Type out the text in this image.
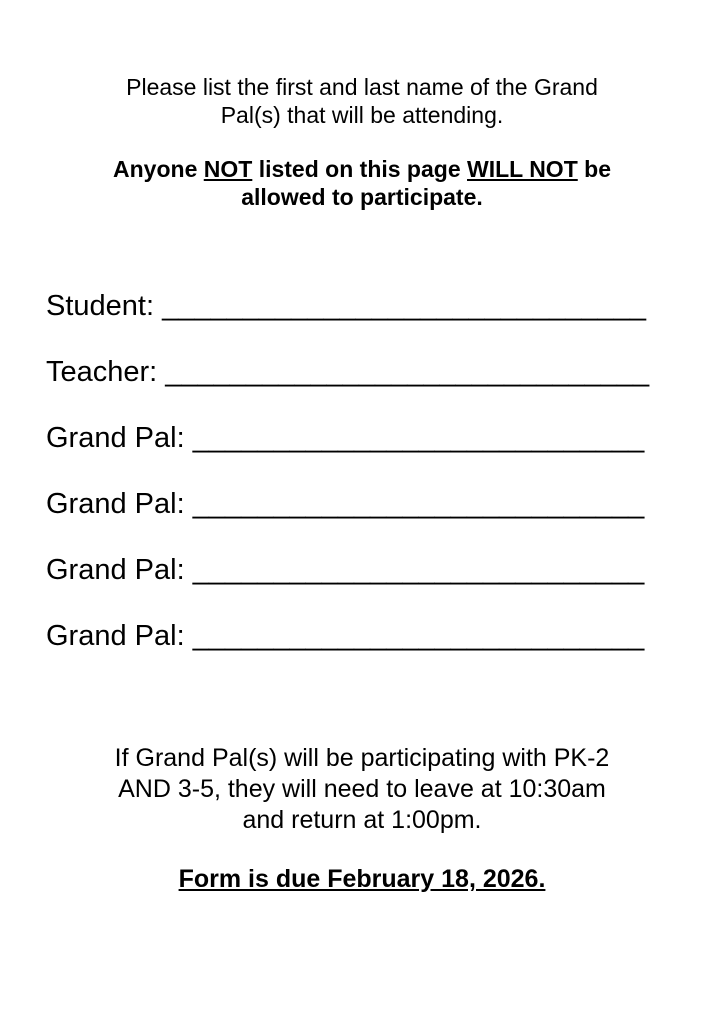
Please list the first and last name of the Grand
Pal(s) that will be attending.
Anyone NOT listed on this page WILL NOT be
allowed to participate.
Student: ______________________________
Teacher: ______________________________
Grand Pal: ____________________________
Grand Pal: ____________________________
Grand Pal: ____________________________
Grand Pal: ____________________________
If Grand Pal(s) will be participating with PK-2
AND 3-5, they will need to leave at 10:30am
and return at 1:00pm.
Form is due February 18, 2026.
